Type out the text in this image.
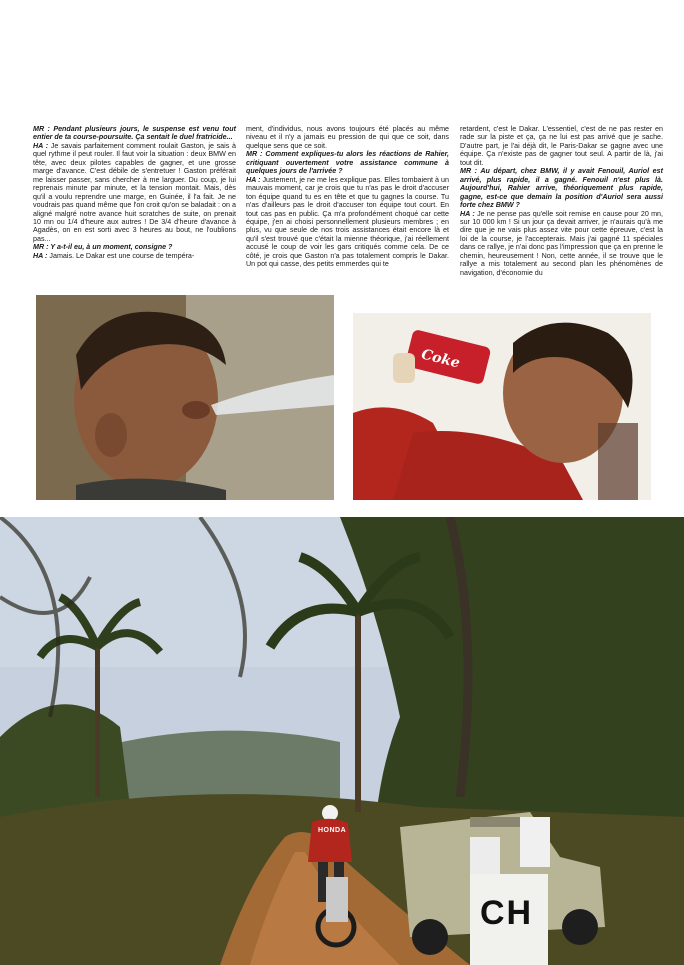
MR : Pendant plusieurs jours, le suspense est venu tout entier de ta course-poursuite. Ça sentait le duel fratricide...

HA : Je savais parfaitement comment roulait Gaston, je sais à quel rythme il peut rouler. Il faut voir la situation : deux BMW en tête, avec deux pilotes capables de gagner, et une grosse marge d'avance. C'est débile de s'entretuer ! Gaston préférait me laisser passer, sans chercher à me larguer. Du coup, je lui reprenais minute par minute, et la tension montait. Mais, dès qu'il a voulu reprendre une marge, en Guinée, il l'a fait. Je ne voudrais pas quand même que l'on croit qu'on se baladait : on a aligné malgré notre avance huit scratches de suite, on prenait 10 mn ou 1/4 d'heure aux autres ! De 3/4 d'heure d'avance à Agadès, on en est sorti avec 3 heures au bout, ne l'oublions pas...

MR : Y a-t-il eu, à un moment, consigne ?

HA : Jamais. Le Dakar est une course de tempéra-

ment, d'individus, nous avons toujours été placés au même niveau et il n'y a jamais eu pression de qui que ce soit, dans quelque sens que ce soit.

MR : Comment expliques-tu alors les réactions de Rahier, critiquant ouvertement votre assistance commune à quelques jours de l'arrivée ?

HA : Justement, je ne me les explique pas. Elles tombaient à un mauvais moment, car je crois que tu n'as pas le droit d'accuser ton équipe quand tu es en tête et que tu gagnes la course. Tu n'as d'ailleurs pas le droit d'accuser ton équipe tout court. En tout cas pas en public. Ça m'a profondément choqué car cette équipe, j'en ai choisi personnellement plusieurs membres ; en plus, vu que seule de nos trois assistances était encore là et qu'il s'est trouvé que c'était la mienne théorique, j'ai réellement accusé le coup de voir les gars critiqués comme cela. De ce côté, je crois que Gaston n'a pas totalement compris le Dakar. Un pot qui casse, des petits emmerdes qui te

retardent, c'est le Dakar. L'essentiel, c'est de ne pas rester en rade sur la piste et ça, ça ne lui est pas arrivé que je sache. D'autre part, je l'ai déjà dit, le Paris-Dakar se gagne avec une équipe. Ça n'existe pas de gagner tout seul. A partir de là, j'ai tout dit.

MR : Au départ, chez BMW, il y avait Fenouil, Auriol est arrivé, plus rapide, il a gagné. Fenouil n'est plus là. Aujourd'hui, Rahier arrive, théoriquement plus rapide, gagne, est-ce que demain la position d'Auriol sera aussi forte chez BMW ?

HA : Je ne pense pas qu'elle soit remise en cause pour 20 mn, sur 10 000 km ! Si un jour ça devait arriver, je n'aurais qu'à me dire que je ne vais plus assez vite pour cette épreuve, c'est la loi de la course, je l'accepterais. Mais j'ai gagné 11 spéciales dans ce rallye, je n'ai donc pas l'impression que ça en prenne le chemin, heureusement ! Non, cette année, il se trouve que le rallye a mis totalement au second plan les phénomènes de navigation, d'économie du

Coke
HONDA
CH
